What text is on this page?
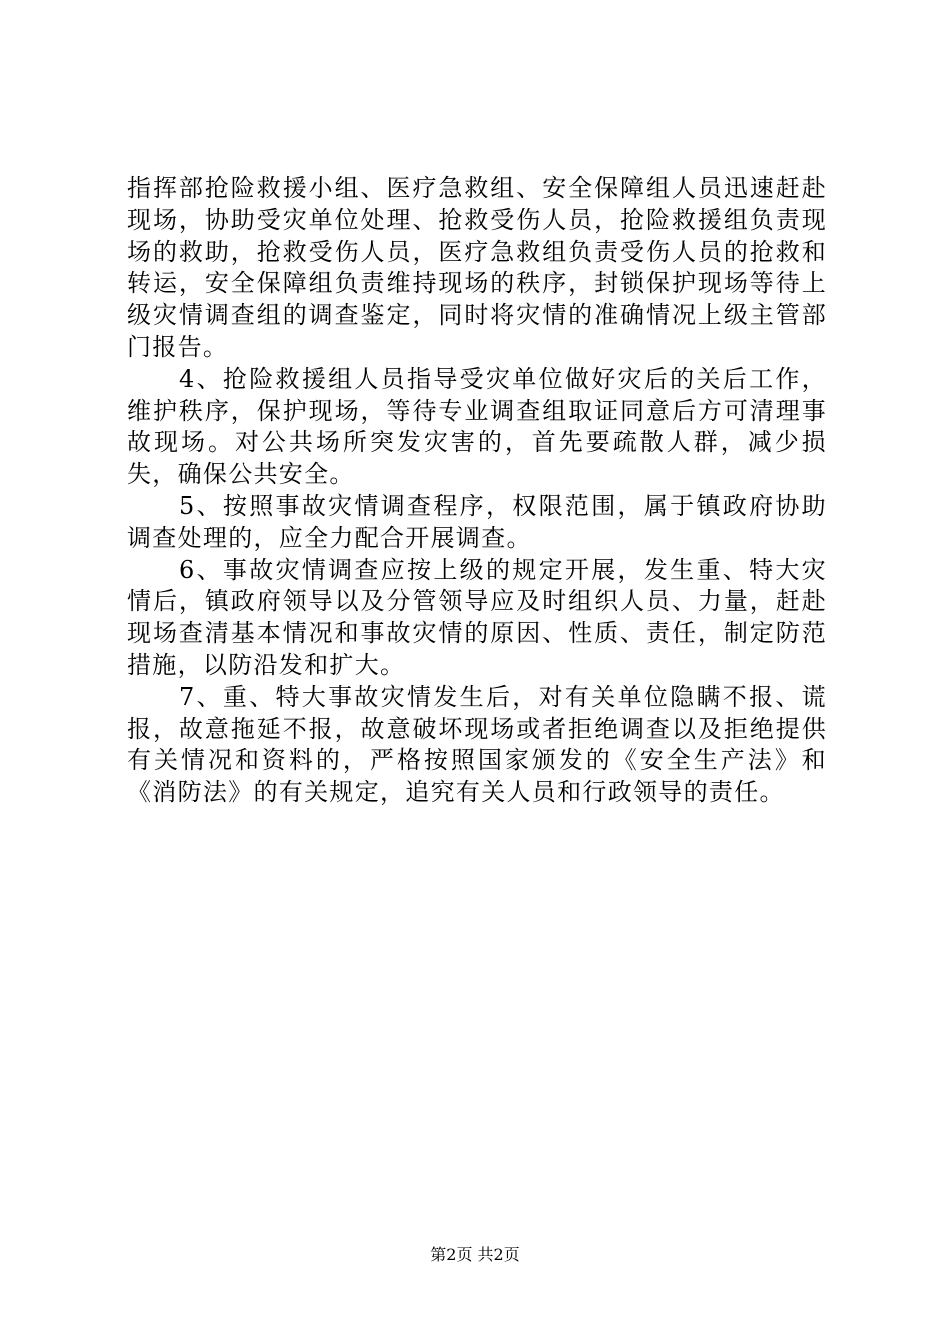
指挥部抢险救援小组、医疗急救组、安全保障组人员迅速赶赴现场，协助受灾单位处理、抢救受伤人员，抢险救援组负责现场的救助，抢救受伤人员，医疗急救组负责受伤人员的抢救和转运，安全保障组负责维持现场的秩序，封锁保护现场等待上级灾情调查组的调查鉴定，同时将灾情的准确情况上级主管部门报告。

4、抢险救援组人员指导受灾单位做好灾后的关后工作，维护秩序，保护现场，等待专业调查组取证同意后方可清理事故现场。对公共场所突发灾害的，首先要疏散人群，减少损失，确保公共安全。

5、按照事故灾情调查程序，权限范围，属于镇政府协助调查处理的，应全力配合开展调查。

6、事故灾情调查应按上级的规定开展，发生重、特大灾情后，镇政府领导以及分管领导应及时组织人员、力量，赶赴现场查清基本情况和事故灾情的原因、性质、责任，制定防范措施，以防沿发和扩大。

7、重、特大事故灾情发生后，对有关单位隐瞒不报、谎报，故意拖延不报，故意破坏现场或者拒绝调查以及拒绝提供有关情况和资料的，严格按照国家颁发的《安全生产法》和《消防法》的有关规定，追究有关人员和行政领导的责任。

第2页 共2页
